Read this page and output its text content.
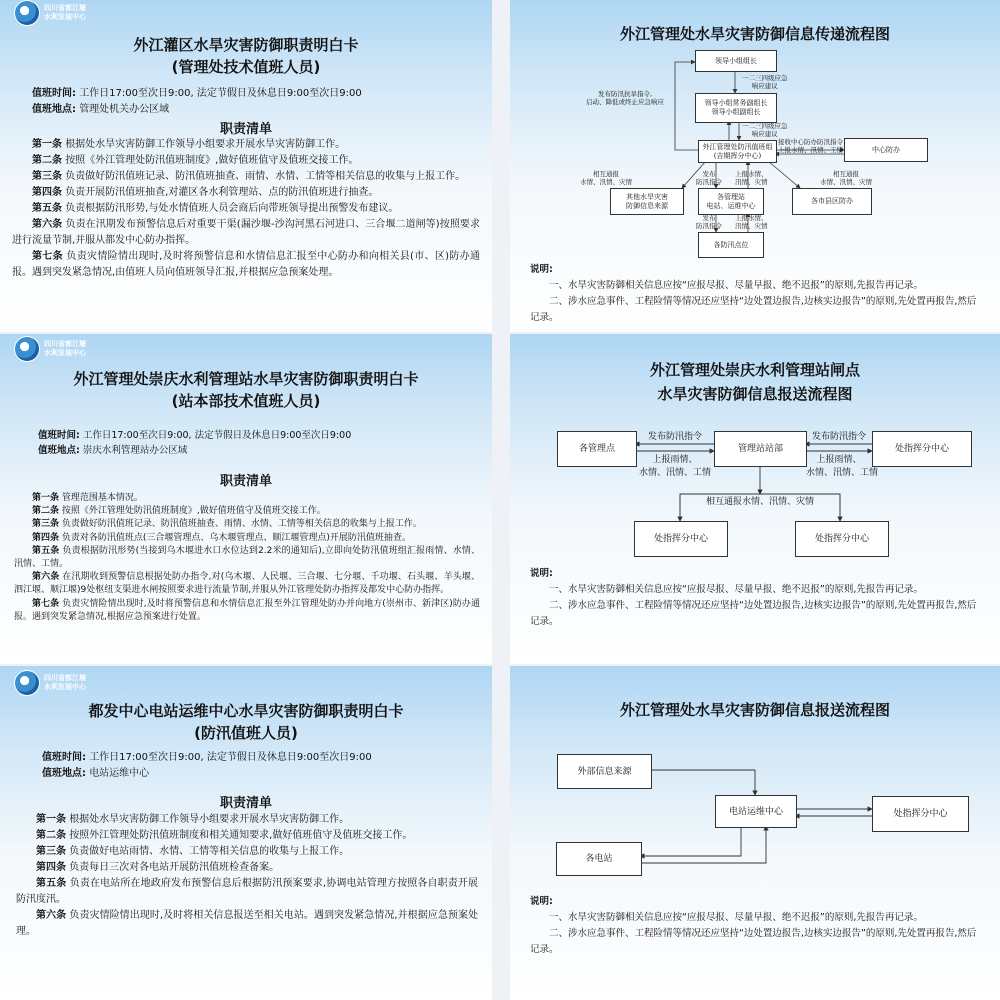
四川省都江堰
水利发展中心
外江灌区水旱灾害防御职责明白卡
(管理处技术值班人员)
值班时间: 工作日17:00至次日9:00, 法定节假日及休息日9:00至次日9:00
值班地点: 管理处机关办公区域
职责清单

第一条 根据处水旱灾害防御工作领导小组要求开展水旱灾害防御工作。

第二条 按照《外江管理处防汛值班制度》,做好值班值守及值班交接工作。

第三条 负责做好防汛值班记录、防汛值班抽查、雨情、水情、工情等相关信息的收集与上报工作。

第四条 负责开展防汛值班抽查,对灌区各水利管理站、点的防汛值班进行抽查。

第五条 负责根据防汛形势,与处水情值班人员会商后向带班领导提出预警发布建议。

第六条 负责在汛期发布预警信息后对重要干渠(漏沙堰-沙沟河黑石河进口、三合堰二道闸等)按照要求进行流量节制,并服从都发中心防办指挥。

第七条 负责灾情险情出现时,及时将预警信息和水情信息汇报至中心防办和向相关县(市、区)防办通报。遇到突发紧急情况,由值班人员向值班领导汇报,并根据应急预案处理。

四川省都江堰
水利发展中心
外江管理处崇庆水利管理站水旱灾害防御职责明白卡
(站本部技术值班人员)
值班时间: 工作日17:00至次日9:00, 法定节假日及休息日9:00至次日9:00
值班地点: 崇庆水利管理站办公区域
职责清单

第一条 管理范围基本情况。

第二条 按照《外江管理处防汛值班制度》,做好值班值守及值班交接工作。

第三条 负责做好防汛值班记录、防汛值班抽查、雨情、水情、工情等相关信息的收集与上报工作。

第四条 负责对各防汛值班点(三合堰管理点、乌木堰管理点、顺江堰管理点)开展防汛值班抽查。

第五条 负责根据防汛形势(当接到乌木堰进水口水位达到2.2米的通知后),立即向处防汛值班组汇报雨情、水情、汛情、工情。

第六条 在汛期收到预警信息根据处防办指令,对(乌木堰、人民堰、三合堰、七分堰、千功堰、石头堰、羊头堰、泗江堰、顺江堰)9处枢纽支渠进水闸按照要求进行流量节制,并服从外江管理处防办指挥及都发中心防办指挥。

第七条 负责灾情险情出现时,及时将预警信息和水情信息汇报至外江管理处防办并向地方(崇州市、新津区)防办通报。遇到突发紧急情况,根据应急预案进行处置。

四川省都江堰
水利发展中心
都发中心电站运维中心水旱灾害防御职责明白卡
(防汛值班人员)
值班时间: 工作日17:00至次日9:00, 法定节假日及休息日9:00至次日9:00
值班地点: 电站运维中心
职责清单

第一条 根据处水旱灾害防御工作领导小组要求开展水旱灾害防御工作。

第二条 按照外江管理处防汛值班制度和相关通知要求,做好值班值守及值班交接工作。

第三条 负责做好电站雨情、水情、工情等相关信息的收集与上报工作。

第四条 负责每日三次对各电站开展防汛值班检查备案。

第五条 负责在电站所在地政府发布预警信息后根据防汛预案要求,协调电站管理方按照各自职责开展防汛度汛。

第六条 负责灾情险情出现时,及时将相关信息报送至相关电站。遇到突发紧急情况,并根据应急预案处理。

外江管理处水旱灾害防御信息传递流程图
领导小组组长
领导小组常务副组长
领导小组副组长
外江管理处防汛值班组
(吉期挥分中心)
中心防办
其他水旱灾害
防御信息来源
各管理站
电站、运维中心
各市县区防办
各防汛点位
发布防汛抗旱指令,
启动、降低或终止应急响应
一二三四级应急
响应建议
一二三四级应急
响应建议
接收中心防办防汛指令
上报水情、汛情、工情
相互通报
水情、汛情、灾情
相互通报
水情、汛情、灾情
发布
防汛指令
上报水情、
汛情、灾情
发布
防汛指令
上报水情、
汛情、灾情
说明:

一、水旱灾害防御相关信息应按“应报尽报、尽量早报、绝不迟报”的原则,先报告再记录。

二、涉水应急事件、工程险情等情况还应坚持“边处置边报告,边核实边报告”的原则,先处置再报告,然后记录。

外江管理处崇庆水利管理站闸点
水旱灾害防御信息报送流程图
各管理点	管理站站部	处指挥分中心
处指挥分中心	处指挥分中心
发布防汛指令
上报雨情、
水情、汛情、工情
发布防汛指令
上报雨情、
水情、汛情、工情
相互通报水情、汛情、灾情
说明:

一、水旱灾害防御相关信息应按“应报尽报、尽量早报、绝不迟报”的原则,先报告再记录。

二、涉水应急事件、工程险情等情况还应坚持“边处置边报告,边核实边报告”的原则,先处置再报告,然后记录。

外江管理处水旱灾害防御信息报送流程图
外部信息来源
电站运维中心	处指挥分中心
各电站
说明:

一、水旱灾害防御相关信息应按“应报尽报、尽量早报、绝不迟报”的原则,先报告再记录。

二、涉水应急事件、工程险情等情况还应坚持“边处置边报告,边核实边报告”的原则,先处置再报告,然后记录。
